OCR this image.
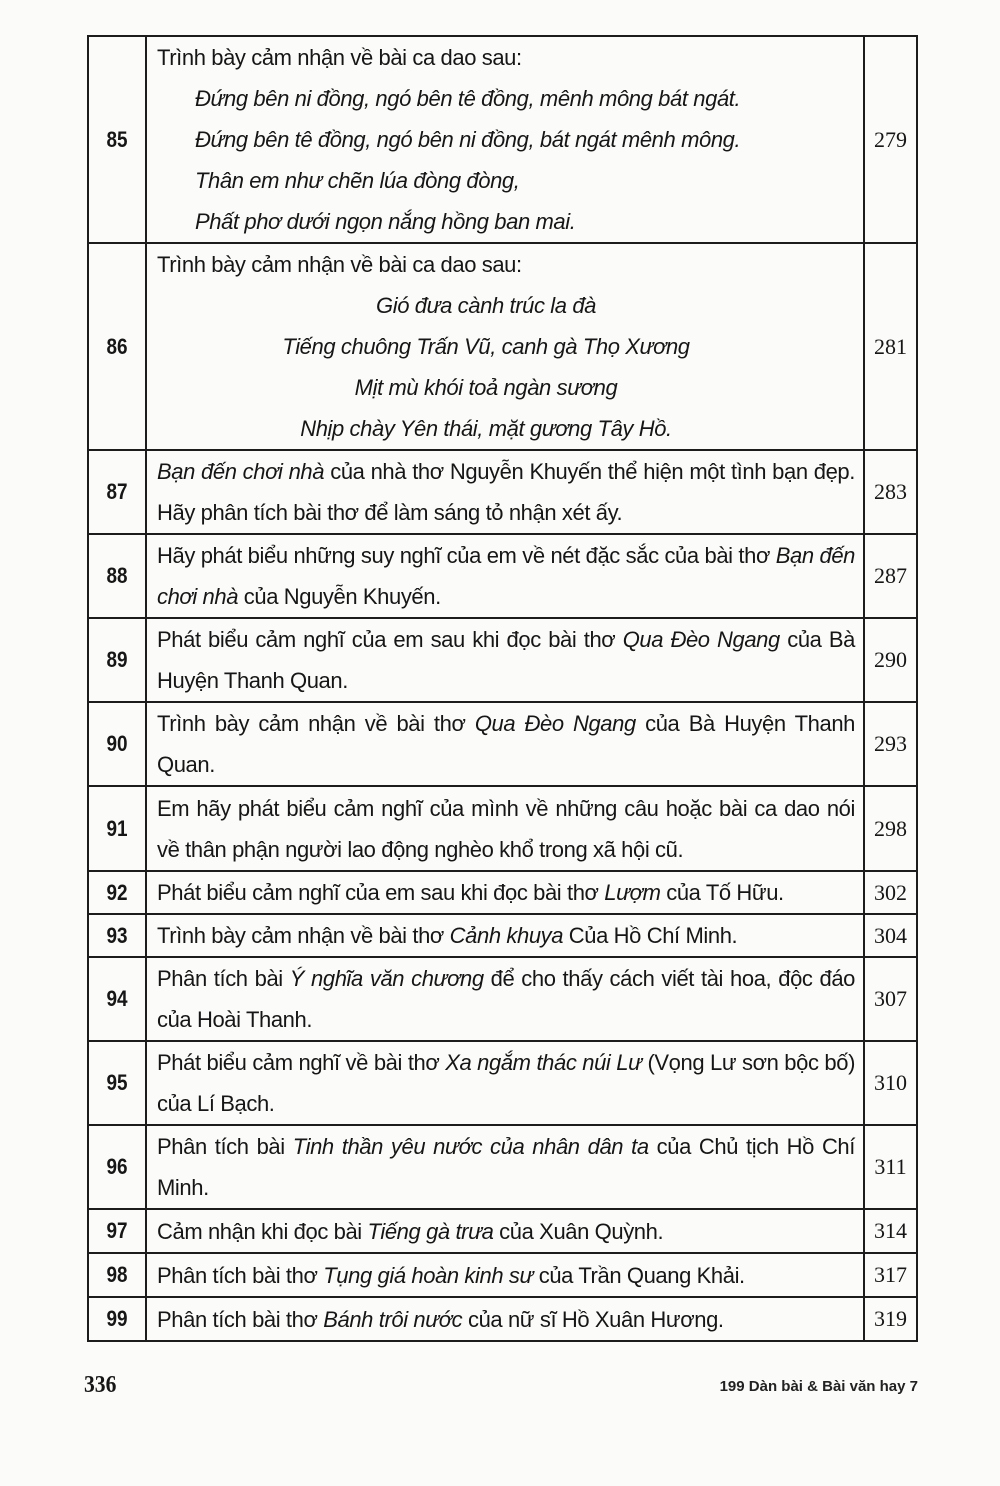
85	Trình bày cảm nhận về bài ca dao sau:
Đứng bên ni đồng, ngó bên tê đồng, mênh mông bát ngát.
Đứng bên tê đồng, ngó bên ni đồng, bát ngát mênh mông.
Thân em như chẽn lúa đòng đòng,
Phất phơ dưới ngọn nắng hồng ban mai.	279
86	Trình bày cảm nhận về bài ca dao sau:
Gió đưa cành trúc la đà
Tiếng chuông Trấn Vũ, canh gà Thọ Xương
Mịt mù khói toả ngàn sương
Nhịp chày Yên thái, mặt gương Tây Hồ.	281
87	Bạn đến chơi nhà của nhà thơ Nguyễn Khuyến thể hiện một tình bạn đẹp. Hãy phân tích bài thơ để làm sáng tỏ nhận xét ấy.	283
88	Hãy phát biểu những suy nghĩ của em về nét đặc sắc của bài thơ Bạn đến chơi nhà của Nguyễn Khuyến.	287
89	Phát biểu cảm nghĩ của em sau khi đọc bài thơ Qua Đèo Ngang của Bà Huyện Thanh Quan.	290
90	Trình bày cảm nhận về bài thơ Qua Đèo Ngang của Bà Huyện Thanh Quan.	293
91	Em hãy phát biểu cảm nghĩ của mình về những câu hoặc bài ca dao nói về thân phận người lao động nghèo khổ trong xã hội cũ.	298
92	Phát biểu cảm nghĩ của em sau khi đọc bài thơ Lượm của Tố Hữu.	302
93	Trình bày cảm nhận về bài thơ Cảnh khuya Của Hồ Chí Minh.	304
94	Phân tích bài Ý nghĩa văn chương để cho thấy cách viết tài hoa, độc đáo của Hoài Thanh.	307
95	Phát biểu cảm nghĩ về bài thơ Xa ngắm thác núi Lư (Vọng Lư sơn bộc bố) của Lí Bạch.	310
96	Phân tích bài Tinh thần yêu nước của nhân dân ta của Chủ tịch Hồ Chí Minh.	311
97	Cảm nhận khi đọc bài Tiếng gà trưa của Xuân Quỳnh.	314
98	Phân tích bài thơ Tụng giá hoàn kinh sư của Trần Quang Khải.	317
99	Phân tích bài thơ Bánh trôi nước của nữ sĩ Hồ Xuân Hương.	319
336	199 Dàn bài & Bài văn hay 7
